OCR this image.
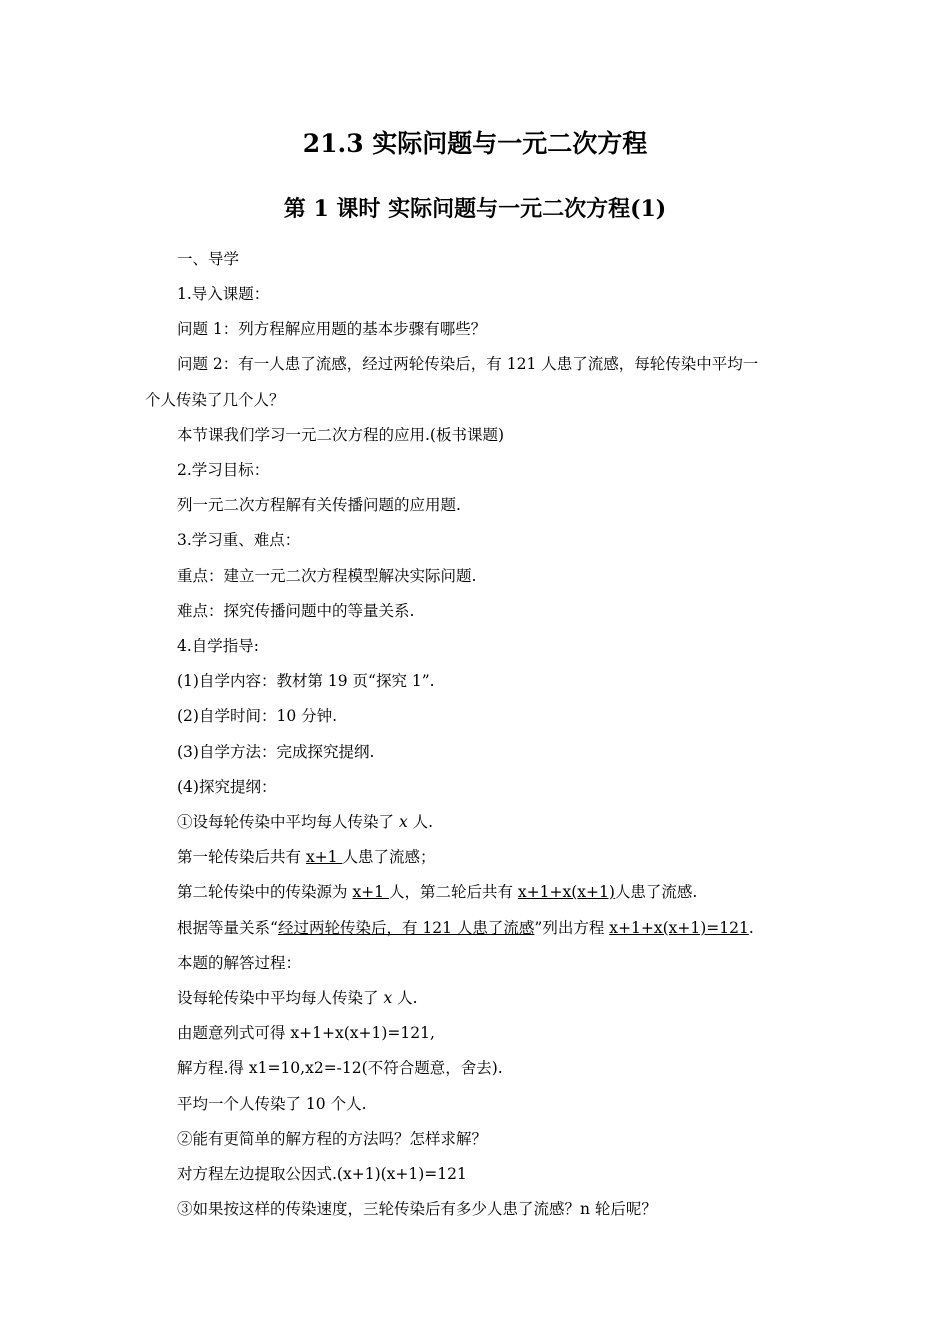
21.3 实际问题与一元二次方程
第 1 课时 实际问题与一元二次方程(1)
一、导学
1.导入课题：
问题 1：列方程解应用题的基本步骤有哪些？
问题 2：有一人患了流感，经过两轮传染后，有 121 人患了流感，每轮传染中平均一
个人传染了几个人？
本节课我们学习一元二次方程的应用.(板书课题)
2.学习目标：
列一元二次方程解有关传播问题的应用题.
3.学习重、难点：
重点：建立一元二次方程模型解决实际问题.
难点：探究传播问题中的等量关系.
4.自学指导:
(1)自学内容：教材第 19 页“探究 1”.
(2)自学时间：10 分钟.
(3)自学方法：完成探究提纲.
(4)探究提纲：
①设每轮传染中平均每人传染了 x 人.
第一轮传染后共有 x+1 人患了流感；
第二轮传染中的传染源为 x+1 人，第二轮后共有 x+1+x(x+1)人患了流感.
根据等量关系“经过两轮传染后，有 121 人患了流感”列出方程 x+1+x(x+1)=121.
本题的解答过程：
设每轮传染中平均每人传染了 x 人.
由题意列式可得 x+1+x(x+1)=121,
解方程.得 x1=10,x2=-12(不符合题意，舍去).
平均一个人传染了 10 个人.
②能有更简单的解方程的方法吗？怎样求解？
对方程左边提取公因式.(x+1)(x+1)=121
③如果按这样的传染速度，三轮传染后有多少人患了流感？n 轮后呢？
